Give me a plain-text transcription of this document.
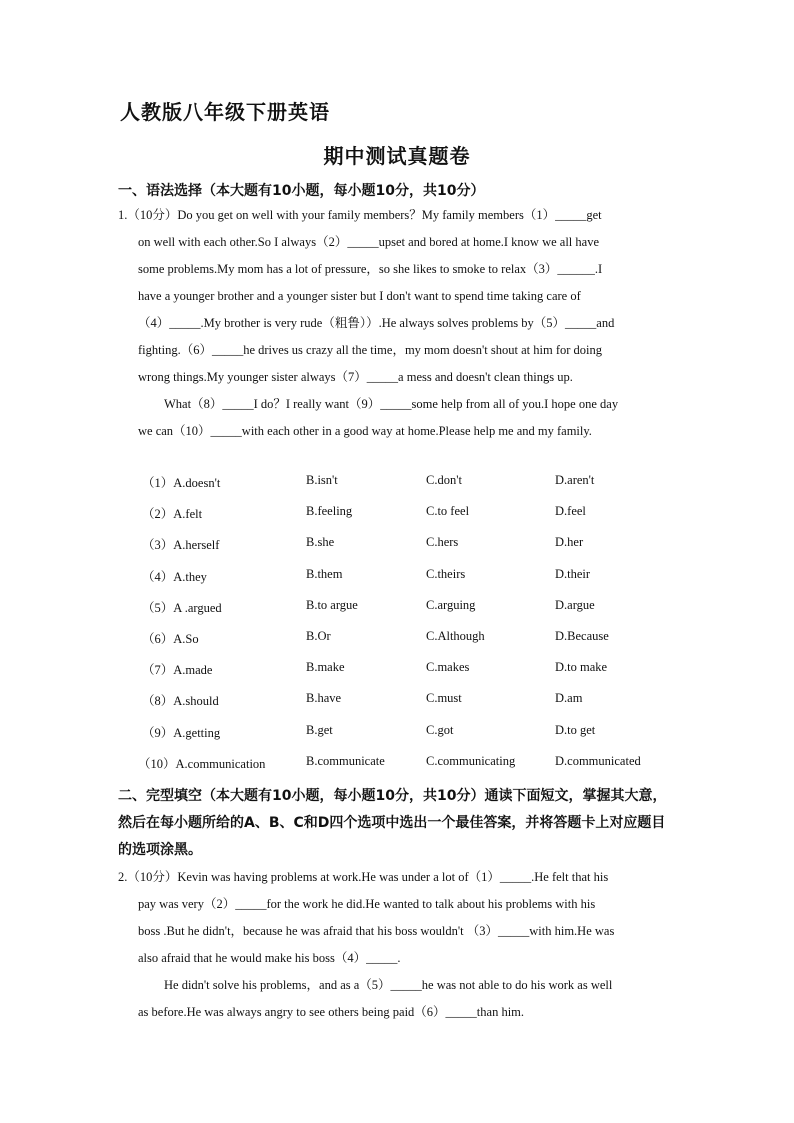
人教版八年级下册英语
期中测试真题卷
一、语法选择（本大题有10小题，每小题10分，共10分）
1.（10分）Do you get on well with your family members？My family members（1）_____get
on well with each other.So I always（2）_____upset and bored at home.I know we all have
some problems.My mom has a lot of pressure，so she likes to smoke to relax（3）______.I
have a younger brother and a younger sister but I don't want to spend time taking care of
（4）_____.My brother is very rude（粗鲁））.He always solves problems by（5）_____and
fighting.（6）_____he drives us crazy all the time，my mom doesn't shout at him for doing
wrong things.My younger sister always（7）_____a mess and doesn't clean things up.
What（8）_____I do？I really want（9）_____some help from all of you.I hope one day
we can（10）_____with each other in a good way at home.Please help me and my family.
（1）A.doesn't	B.isn't	C.don't	D.aren't
（2）A.felt	B.feeling	C.to feel	D.feel
（3）A.herself	B.she	C.hers	D.her
（4）A.they	B.them	C.theirs	D.their
（5）A .argued	B.to argue	C.arguing	D.argue
（6）A.So	B.Or	C.Although	D.Because
（7）A.made	B.make	C.makes	D.to make
（8）A.should	B.have	C.must	D.am
（9）A.getting	B.get	C.got	D.to get
（10）A.communication	B.communicate	C.communicating	D.communicated
二、完型填空（本大题有10小题，每小题10分，共10分）通读下面短文，掌握其大意，
然后在每小题所给的A、B、C和D四个选项中选出一个最佳答案，并将答题卡上对应题目
的选项涂黑。
2.（10分）Kevin was having problems at work.He was under a lot of（1）_____.He felt that his
pay was very（2）_____for the work he did.He wanted to talk about his problems with his
boss .But he didn't，because he was afraid that his boss wouldn't （3）_____with him.He was
also afraid that he would make his boss（4）_____.
He didn't solve his problems，and as a（5）_____he was not able to do his work as well
as before.He was always angry to see others being paid（6）_____than him.
